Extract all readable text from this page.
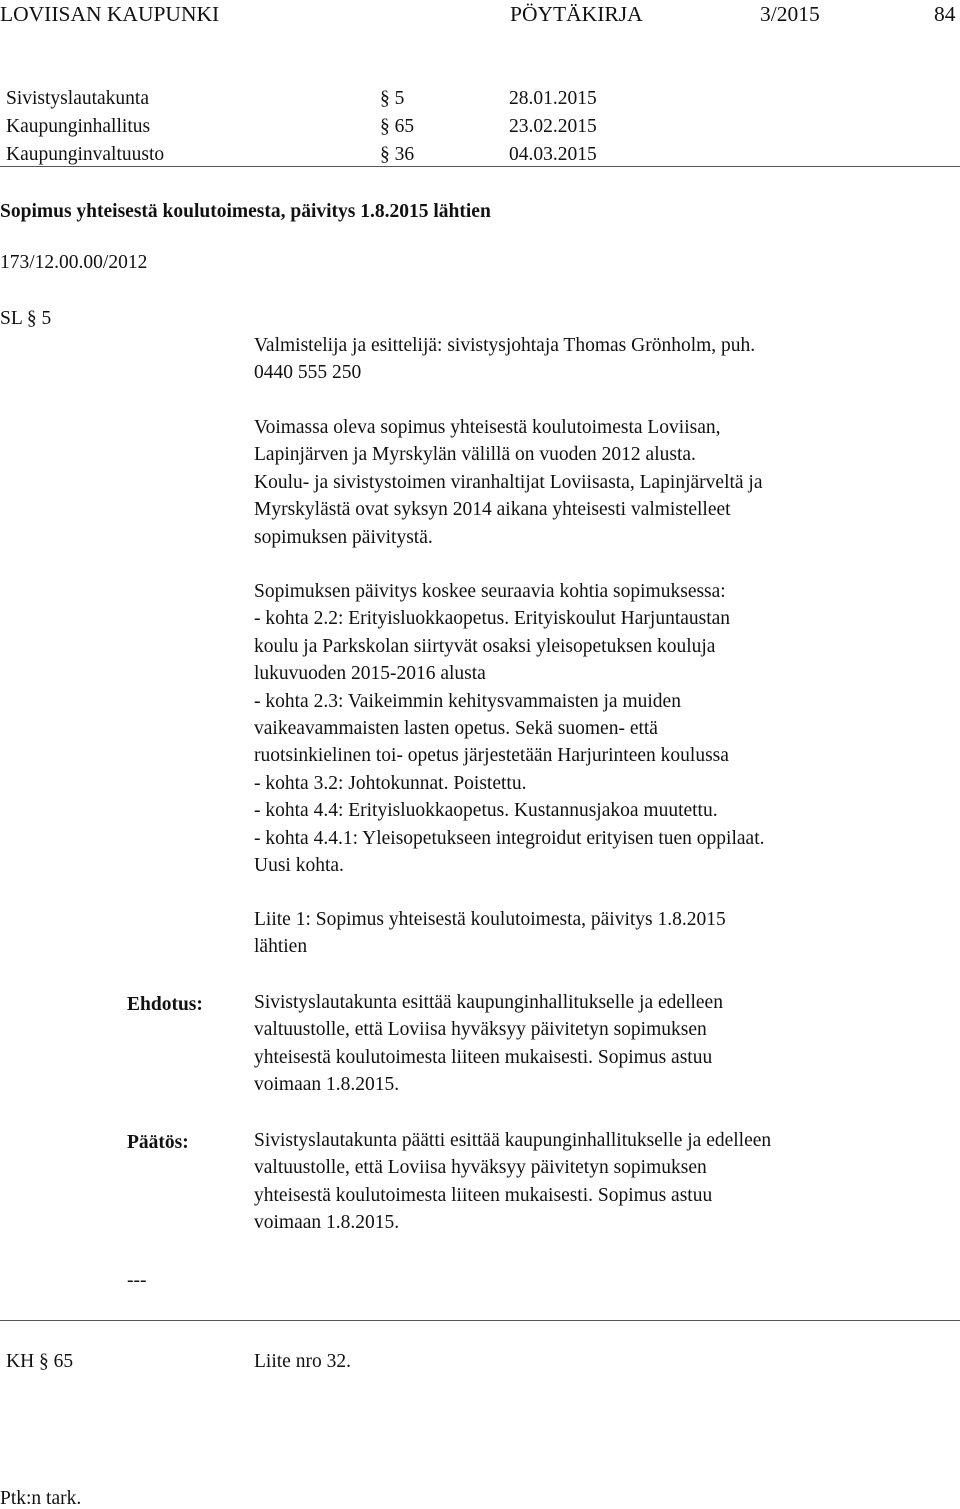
LOVIISAN KAUPUNKI	PÖYTÄKIRJA	3/2015	84
Sivistyslautakunta	§ 5	28.01.2015
Kaupunginhallitus	§ 65	23.02.2015
Kaupunginvaltuusto	§ 36	04.03.2015
Sopimus yhteisestä koulutoimesta, päivitys 1.8.2015 lähtien
173/12.00.00/2012
SL § 5
Valmistelija ja esittelijä: sivistysjohtaja Thomas Grönholm, puh.
0440 555 250
Voimassa oleva sopimus yhteisestä koulutoimesta Loviisan,
Lapinjärven ja Myrskylän välillä on vuoden 2012 alusta.
Koulu- ja sivistystoimen viranhaltijat Loviisasta, Lapinjärveltä ja
Myrskylästä ovat syksyn 2014 aikana yhteisesti valmistelleet
sopimuksen päivitystä.
Sopimuksen päivitys koskee seuraavia kohtia sopimuksessa:
- kohta 2.2: Erityisluokkaopetus. Erityiskoulut Harjuntaustan
koulu ja Parkskolan siirtyvät osaksi yleisopetuksen kouluja
lukuvuoden 2015-2016 alusta
- kohta 2.3: Vaikeimmin kehitysvammaisten ja muiden
vaikeavammaisten lasten opetus. Sekä suomen- että
ruotsinkielinen toi- opetus järjestetään Harjurinteen koulussa
- kohta 3.2: Johtokunnat. Poistettu.
- kohta 4.4: Erityisluokkaopetus. Kustannusjakoa muutettu.
- kohta 4.4.1: Yleisopetukseen integroidut erityisen tuen oppilaat.
Uusi kohta.
Liite 1: Sopimus yhteisestä koulutoimesta, päivitys 1.8.2015
lähtien
Ehdotus:	Sivistyslautakunta esittää kaupunginhallitukselle ja edelleen
valtuustolle, että Loviisa hyväksyy päivitetyn sopimuksen
yhteisestä koulutoimesta liiteen mukaisesti. Sopimus astuu
voimaan 1.8.2015.
Päätös:	Sivistyslautakunta päätti esittää kaupunginhallitukselle ja edelleen
valtuustolle, että Loviisa hyväksyy päivitetyn sopimuksen
yhteisestä koulutoimesta liiteen mukaisesti. Sopimus astuu
voimaan 1.8.2015.
---
KH § 65	Liite nro 32.
Ptk:n tark.
